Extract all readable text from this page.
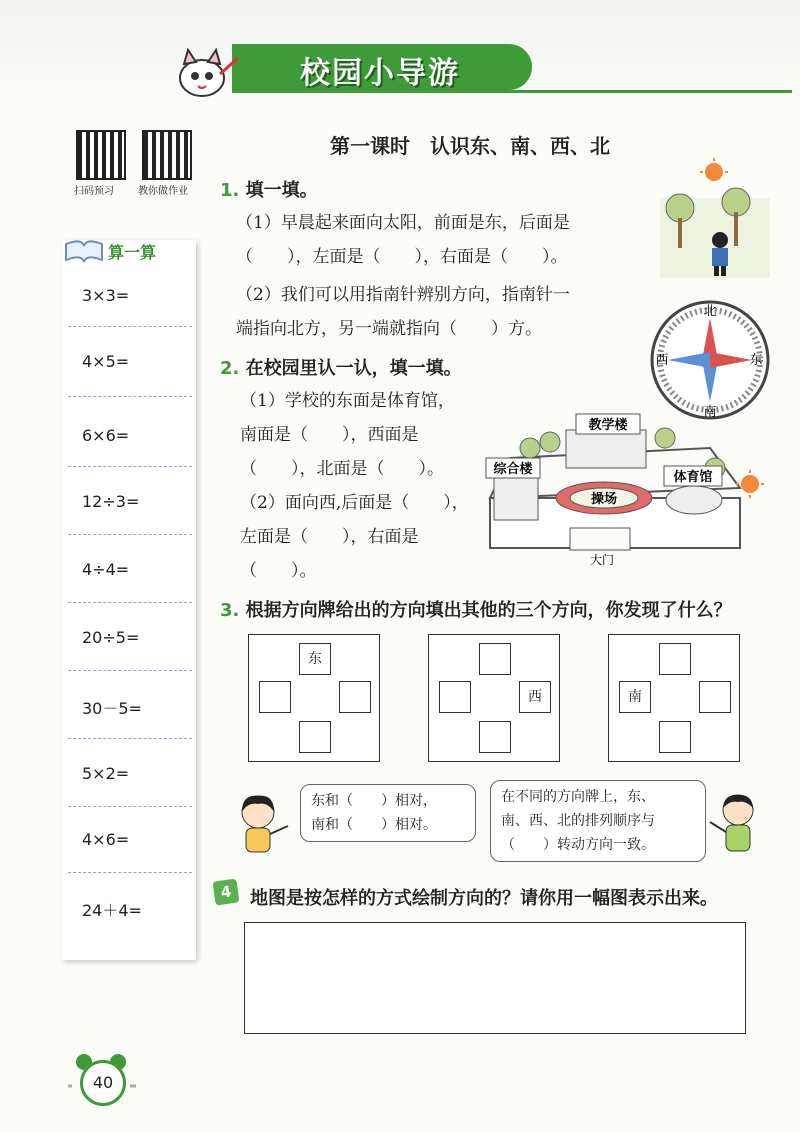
校园小导游
扫码预习 教你做作业
第一课时　认识东、南、西、北
算一算
3×3=
4×5=
6×6=
12÷3=
4÷4=
20÷5=
30－5=
5×2=
4×6=
24＋4=
1. 填一填。
（1）早晨起来面向太阳，前面是东，后面是
（　　），左面是（　　），右面是（　　）。
（2）我们可以用指南针辨别方向，指南针一
端指向北方，另一端就指向（　　）方。
北
南
东
西
2. 在校园里认一认，填一填。
（1）学校的东面是体育馆，
南面是（　　），西面是
（　　），北面是（　　）。
（2）面向西,后面是（　　），
左面是（　　），右面是
（　　）。
教学楼
综合楼
操场
体育馆
大门
3. 根据方向牌给出的方向填出其他的三个方向，你发现了什么？
东
西	南
东和（　　）相对，
南和（　　）相对。
在不同的方向牌上，东、
南、西、北的排列顺序与
（　　）转动方向一致。
4 地图是按怎样的方式绘制方向的？请你用一幅图表示出来。
40
